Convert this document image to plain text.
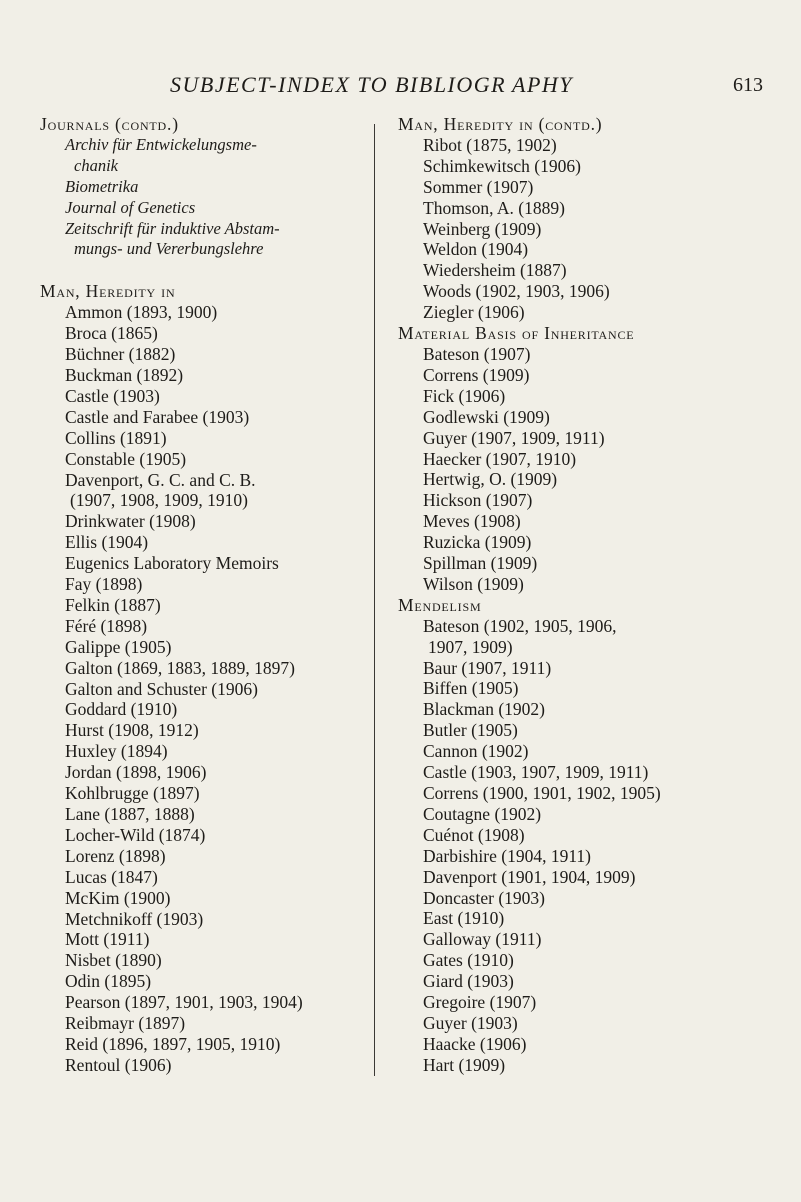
SUBJECT-INDEX TO BIBLIOGR APHY	613
Journals (contd.)
Archiv für Entwickelungsme-
chanik
Biometrika
Journal of Genetics
Zeitschrift für induktive Abstam-
mungs- und Vererbungslehre
Man, Heredity in
Ammon (1893, 1900)
Broca (1865)
Büchner (1882)
Buckman (1892)
Castle (1903)
Castle and Farabee (1903)
Collins (1891)
Constable (1905)
Davenport, G. C. and C. B.
(1907, 1908, 1909, 1910)
Drinkwater (1908)
Ellis (1904)
Eugenics Laboratory Memoirs
Fay (1898)
Felkin (1887)
Féré (1898)
Galippe (1905)
Galton (1869, 1883, 1889, 1897)
Galton and Schuster (1906)
Goddard (1910)
Hurst (1908, 1912)
Huxley (1894)
Jordan (1898, 1906)
Kohlbrugge (1897)
Lane (1887, 1888)
Locher-Wild (1874)
Lorenz (1898)
Lucas (1847)
McKim (1900)
Metchnikoff (1903)
Mott (1911)
Nisbet (1890)
Odin (1895)
Pearson (1897, 1901, 1903, 1904)
Reibmayr (1897)
Reid (1896, 1897, 1905, 1910)
Rentoul (1906)
Man, Heredity in (contd.)
Ribot (1875, 1902)
Schimkewitsch (1906)
Sommer (1907)
Thomson, A. (1889)
Weinberg (1909)
Weldon (1904)
Wiedersheim (1887)
Woods (1902, 1903, 1906)
Ziegler (1906)
Material Basis of Inheritance
Bateson (1907)
Correns (1909)
Fick (1906)
Godlewski (1909)
Guyer (1907, 1909, 1911)
Haecker (1907, 1910)
Hertwig, O. (1909)
Hickson (1907)
Meves (1908)
Ruzicka (1909)
Spillman (1909)
Wilson (1909)
Mendelism
Bateson (1902, 1905, 1906,
1907, 1909)
Baur (1907, 1911)
Biffen (1905)
Blackman (1902)
Butler (1905)
Cannon (1902)
Castle (1903, 1907, 1909, 1911)
Correns (1900, 1901, 1902, 1905)
Coutagne (1902)
Cuénot (1908)
Darbishire (1904, 1911)
Davenport (1901, 1904, 1909)
Doncaster (1903)
East (1910)
Galloway (1911)
Gates (1910)
Giard (1903)
Gregoire (1907)
Guyer (1903)
Haacke (1906)
Hart (1909)
